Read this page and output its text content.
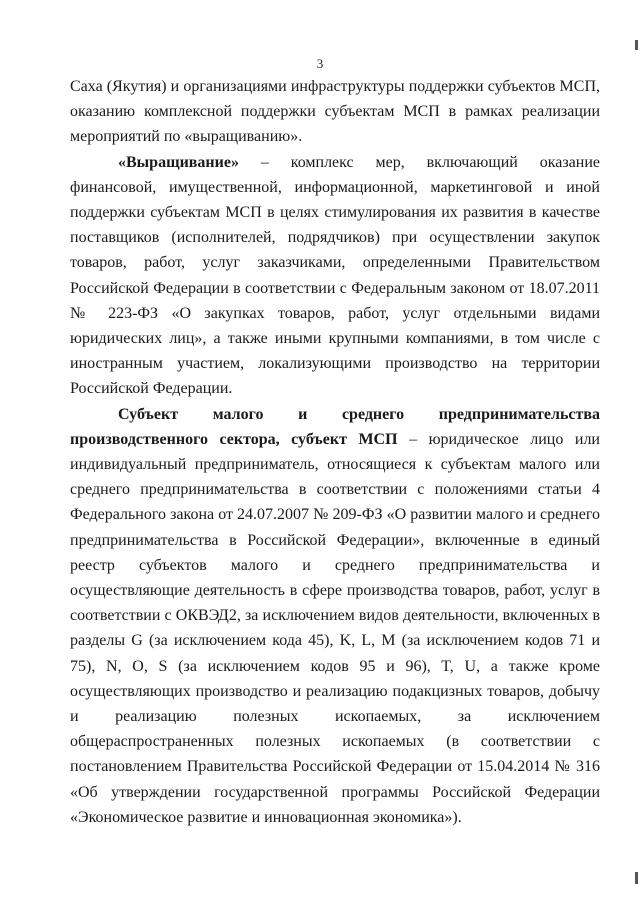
3

Саха (Якутия) и организациями инфраструктуры поддержки субъектов МСП, оказанию комплексной поддержки субъектам МСП в рамках реализации мероприятий по «выращиванию».

«Выращивание» – комплекс мер, включающий оказание финансовой, имущественной, информационной, маркетинговой и иной поддержки субъектам МСП в целях стимулирования их развития в качестве поставщиков (исполнителей, подрядчиков) при осуществлении закупок товаров, работ, услуг заказчиками, определенными Правительством Российской Федерации в соответствии с Федеральным законом от 18.07.2011 № 223-ФЗ «О закупках товаров, работ, услуг отдельными видами юридических лиц», а также иными крупными компаниями, в том числе с иностранным участием, локализующими производство на территории Российской Федерации.

Субъект малого и среднего предпринимательства производственного сектора, субъект МСП – юридическое лицо или индивидуальный предприниматель, относящиеся к субъектам малого или среднего предпринимательства в соответствии с положениями статьи 4 Федерального закона от 24.07.2007 № 209-ФЗ «О развитии малого и среднего предпринимательства в Российской Федерации», включенные в единый реестр субъектов малого и среднего предпринимательства и осуществляющие деятельность в сфере производства товаров, работ, услуг в соответствии с ОКВЭД2, за исключением видов деятельности, включенных в разделы G (за исключением кода 45), K, L, M (за исключением кодов 71 и 75), N, O, S (за исключением кодов 95 и 96), T, U, а также кроме осуществляющих производство и реализацию подакцизных товаров, добычу и реализацию полезных ископаемых, за исключением общераспространенных полезных ископаемых (в соответствии с постановлением Правительства Российской Федерации от 15.04.2014 № 316 «Об утверждении государственной программы Российской Федерации «Экономическое развитие и инновационная экономика»).
